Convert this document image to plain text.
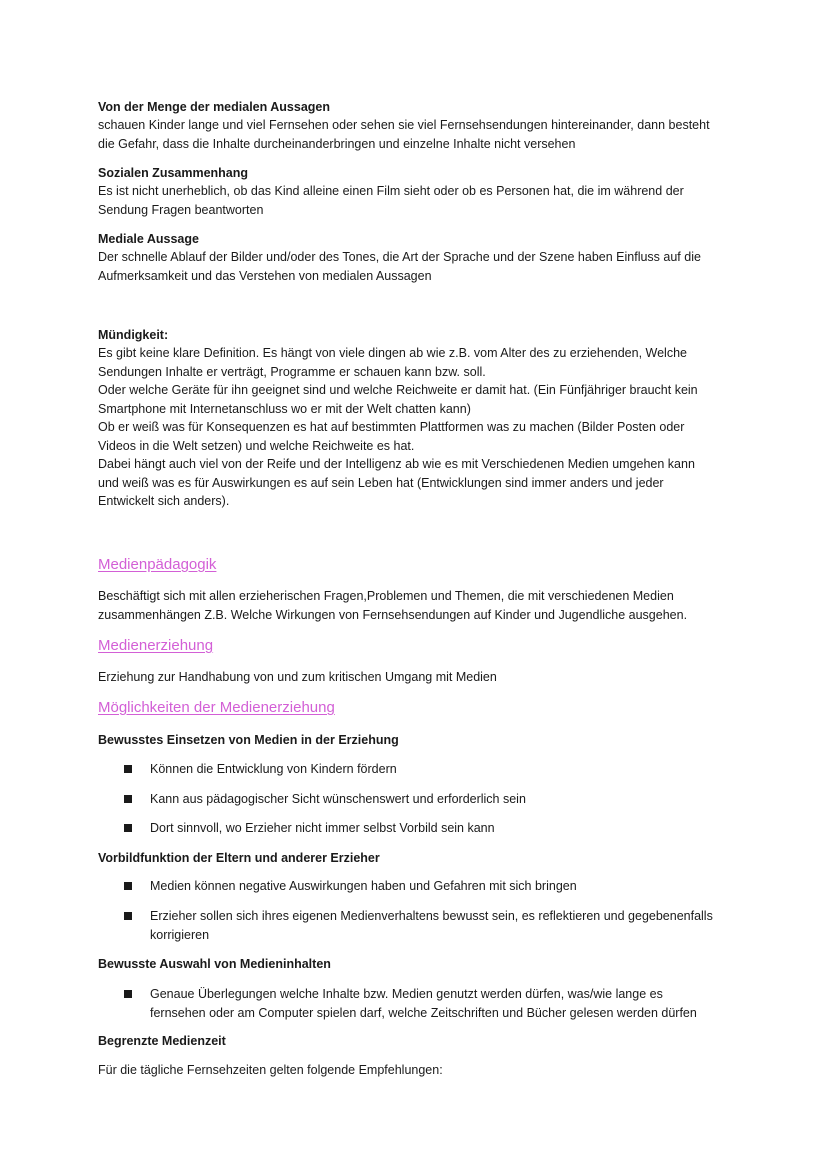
Von der Menge der medialen Aussagen

schauen Kinder lange und viel Fernsehen oder sehen sie viel Fernsehsendungen hintereinander, dann besteht

die Gefahr, dass die Inhalte durcheinanderbringen und einzelne Inhalte nicht versehen

Sozialen Zusammenhang

Es ist nicht unerheblich, ob das Kind alleine einen Film sieht oder ob es Personen hat, die im während der

Sendung Fragen beantworten

Mediale Aussage

Der schnelle Ablauf der Bilder und/oder des Tones, die Art der Sprache und der Szene haben Einfluss auf die

Aufmerksamkeit und das Verstehen von medialen Aussagen

Mündigkeit:

Es gibt keine klare Definition. Es hängt von viele dingen ab wie z.B. vom Alter des zu erziehenden, Welche

Sendungen Inhalte er verträgt, Programme er schauen kann bzw. soll.

Oder welche Geräte für ihn geeignet sind und welche Reichweite er damit hat. (Ein Fünfjähriger braucht kein

Smartphone mit Internetanschluss wo er mit der Welt chatten kann)

Ob er weiß was für Konsequenzen es hat auf bestimmten Plattformen was zu machen (Bilder Posten oder

Videos in die Welt setzen) und welche Reichweite es hat.

Dabei hängt auch viel von der Reife und der Intelligenz ab wie es mit Verschiedenen Medien umgehen kann

und weiß was es für Auswirkungen es auf sein Leben hat (Entwicklungen sind immer anders und jeder

Entwickelt sich anders).

Medienpädagogik

Beschäftigt sich mit allen erzieherischen Fragen,Problemen und Themen, die mit verschiedenen Medien

zusammenhängen Z.B. Welche Wirkungen von Fernsehsendungen auf Kinder und Jugendliche ausgehen.

Medienerziehung

Erziehung zur Handhabung von und zum kritischen Umgang mit Medien

Möglichkeiten der Medienerziehung

Bewusstes Einsetzen von Medien in der Erziehung

Können die Entwicklung von Kindern fördern

Kann aus pädagogischer Sicht wünschenswert und erforderlich sein

Dort sinnvoll, wo Erzieher nicht immer selbst Vorbild sein kann

Vorbildfunktion der Eltern und anderer Erzieher

Medien können negative Auswirkungen haben und Gefahren mit sich bringen

Erzieher sollen sich ihres eigenen Medienverhaltens bewusst sein, es reflektieren und gegebenenfalls

korrigieren

Bewusste Auswahl von Medieninhalten

Genaue Überlegungen welche Inhalte bzw. Medien genutzt werden dürfen, was/wie lange es

fernsehen oder am Computer spielen darf, welche Zeitschriften und Bücher gelesen werden dürfen

Begrenzte Medienzeit

Für die tägliche Fernsehzeiten gelten folgende Empfehlungen:
